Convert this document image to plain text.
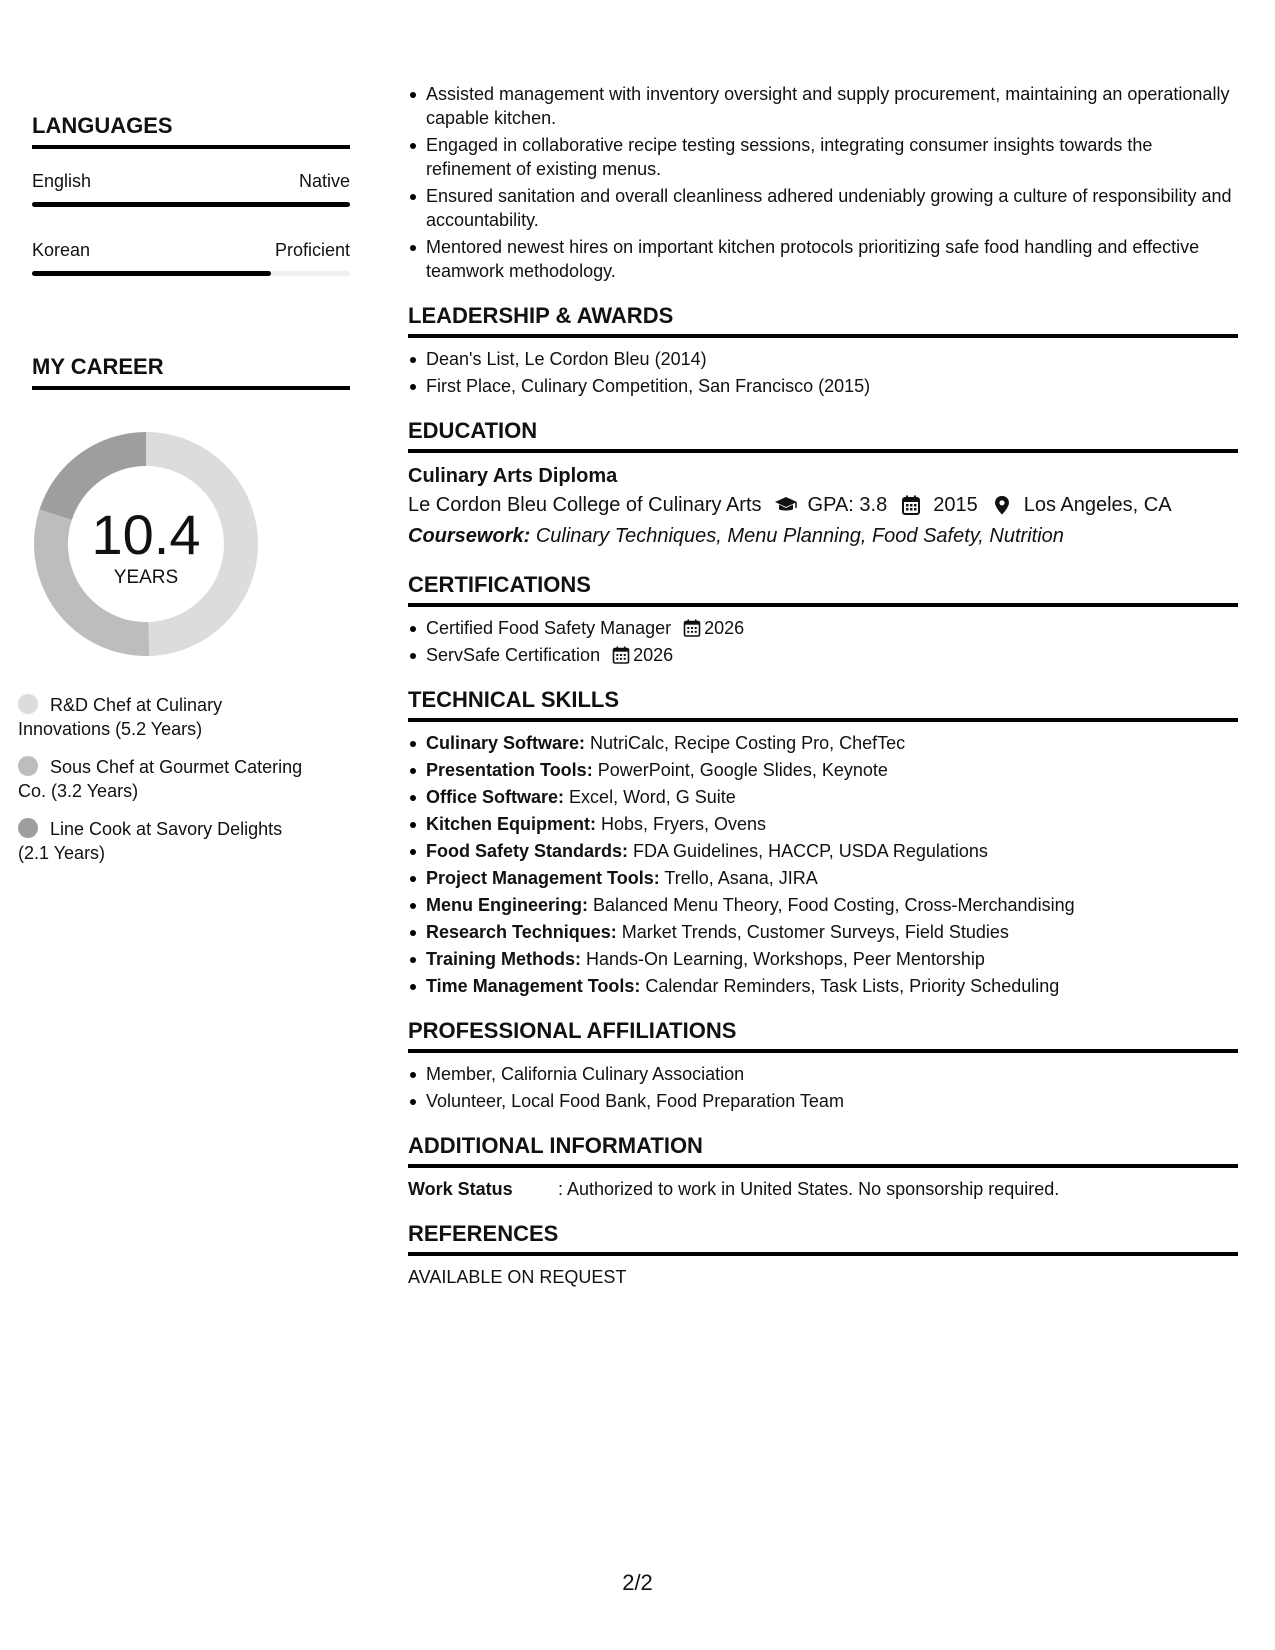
LANGUAGES
English	Native
Korean	Proficient
MY CAREER
10.4
YEARS
R&D Chef at Culinary Innovations (5.2 Years)
Sous Chef at Gourmet Catering Co. (3.2 Years)
Line Cook at Savory Delights (2.1 Years)
Assisted management with inventory oversight and supply procurement, maintaining an operationally capable kitchen.
Engaged in collaborative recipe testing sessions, integrating consumer insights towards the refinement of existing menus.
Ensured sanitation and overall cleanliness adhered undeniably growing a culture of responsibility and accountability.
Mentored newest hires on important kitchen protocols prioritizing safe food handling and effective teamwork methodology.
LEADERSHIP & AWARDS
Dean's List, Le Cordon Bleu (2014)
First Place, Culinary Competition, San Francisco (2015)
EDUCATION
Culinary Arts Diploma
Le Cordon Bleu College of Culinary Arts GPA: 3.8 2015 Los Angeles, CA
Coursework: Culinary Techniques, Menu Planning, Food Safety, Nutrition
CERTIFICATIONS
Certified Food Safety Manager 2026
ServSafe Certification 2026
TECHNICAL SKILLS
Culinary Software: NutriCalc, Recipe Costing Pro, ChefTec
Presentation Tools: PowerPoint, Google Slides, Keynote
Office Software: Excel, Word, G Suite
Kitchen Equipment: Hobs, Fryers, Ovens
Food Safety Standards: FDA Guidelines, HACCP, USDA Regulations
Project Management Tools: Trello, Asana, JIRA
Menu Engineering: Balanced Menu Theory, Food Costing, Cross-Merchandising
Research Techniques: Market Trends, Customer Surveys, Field Studies
Training Methods: Hands-On Learning, Workshops, Peer Mentorship
Time Management Tools: Calendar Reminders, Task Lists, Priority Scheduling
PROFESSIONAL AFFILIATIONS
Member, California Culinary Association
Volunteer, Local Food Bank, Food Preparation Team
ADDITIONAL INFORMATION
Work Status	: Authorized to work in United States. No sponsorship required.
REFERENCES
AVAILABLE ON REQUEST
2/2
